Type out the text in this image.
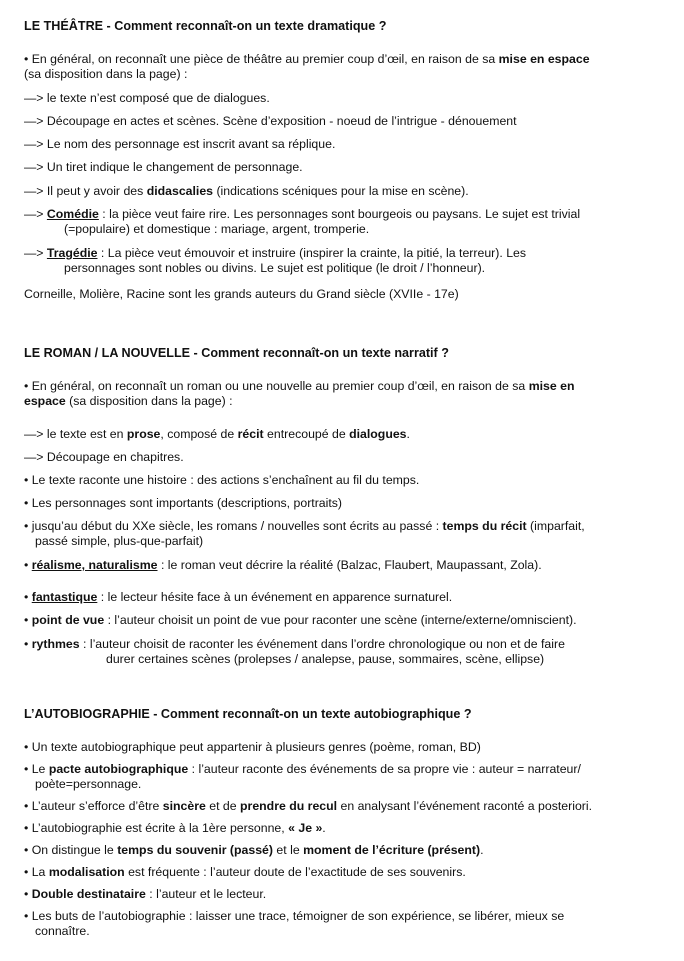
LE THÉÂTRE - Comment reconnaît-on un texte dramatique ?
• En général, on reconnaît une pièce de théâtre au premier coup d’œil, en raison de sa mise en espace
(sa disposition dans la page) :
—> le texte n’est composé que de dialogues.
—> Découpage en actes et scènes. Scène d’exposition - noeud de l’intrigue - dénouement
—> Le nom des personnage est inscrit avant sa réplique.
—> Un tiret indique le changement de personnage.
—> Il peut y avoir des didascalies (indications scéniques pour la mise en scène).
—> Comédie : la pièce veut faire rire. Les personnages sont bourgeois ou paysans. Le sujet est trivial
(=populaire) et domestique : mariage, argent, tromperie.
—> Tragédie : La pièce veut émouvoir et instruire (inspirer la crainte, la pitié, la terreur). Les
personnages sont nobles ou divins. Le sujet est politique (le droit / l’honneur).
Corneille, Molière, Racine sont les grands auteurs du Grand siècle (XVIIe - 17e)
LE ROMAN / LA NOUVELLE - Comment reconnaît-on un texte narratif ?
• En général, on reconnaît un roman ou une nouvelle au premier coup d’œil, en raison de sa mise en
espace (sa disposition dans la page) :
—> le texte est en prose, composé de récit entrecoupé de dialogues.
—> Découpage en chapitres.
• Le texte raconte une histoire : des actions s’enchaînent au fil du temps.
• Les personnages sont importants (descriptions, portraits)
• jusqu’au début du XXe siècle, les romans / nouvelles sont écrits au passé : temps du récit (imparfait,
passé simple, plus-que-parfait)
• réalisme, naturalisme : le roman veut décrire la réalité (Balzac, Flaubert, Maupassant, Zola).
• fantastique : le lecteur hésite face à un événement en apparence surnaturel.
• point de vue : l’auteur choisit un point de vue pour raconter une scène (interne/externe/omniscient).
• rythmes : l’auteur choisit de raconter les événement dans l’ordre chronologique ou non et de faire
durer certaines scènes (prolepses / analepse, pause, sommaires, scène, ellipse)
L’AUTOBIOGRAPHIE - Comment reconnaît-on un texte autobiographique ?
• Un texte autobiographique peut appartenir à plusieurs genres (poème, roman, BD)
• Le pacte autobiographique : l’auteur raconte des événements de sa propre vie : auteur = narrateur/
poète=personnage.
• L’auteur s’efforce d’être sincère et de prendre du recul en analysant l’événement raconté a posteriori.
• L’autobiographie est écrite à la 1ère personne, « Je ».
• On distingue le temps du souvenir (passé) et le moment de l’écriture (présent).
• La modalisation est fréquente : l’auteur doute de l’exactitude de ses souvenirs.
• Double destinataire : l’auteur et le lecteur.
• Les buts de l’autobiographie : laisser une trace, témoigner de son expérience, se libérer, mieux se
connaître.
